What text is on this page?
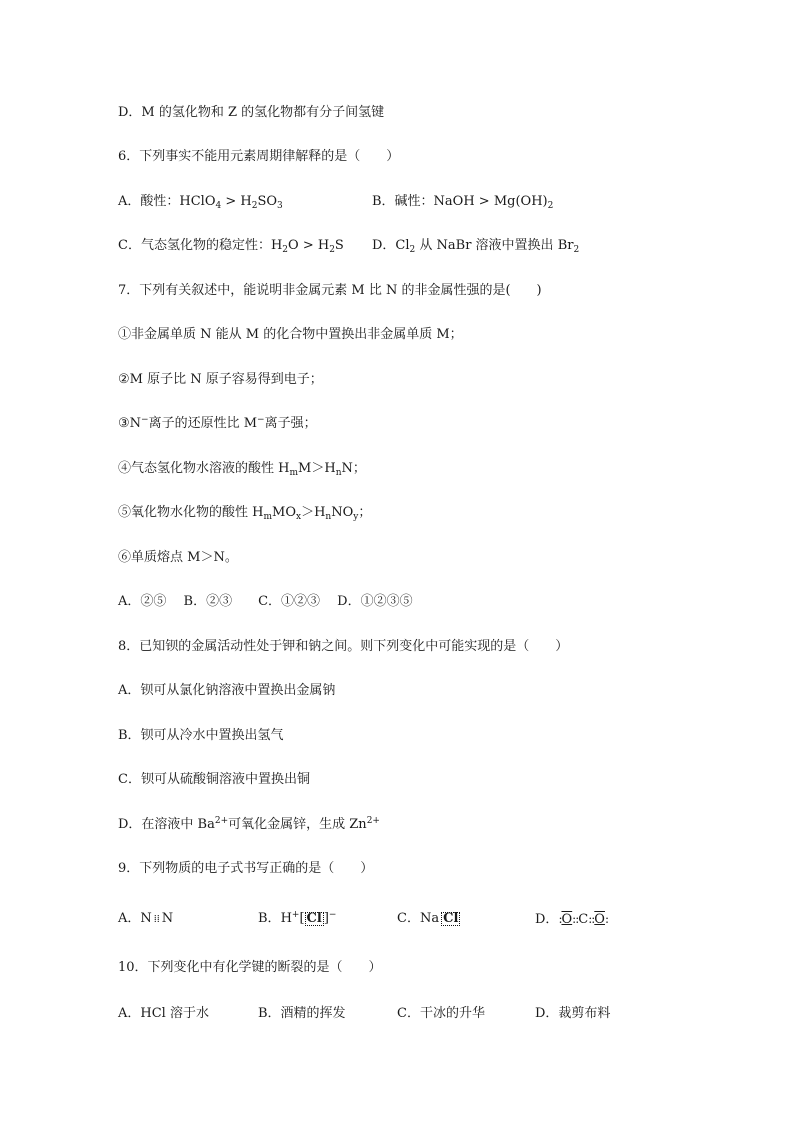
D．M 的氢化物和 Z 的氢化物都有分子间氢键
6．下列事实不能用元素周期律解释的是（　　）
A．酸性：HClO$_4$ > $H_2SO_3$	B．碱性：NaOH > $Mg(OH)_2$
C．气态氢化物的稳定性：$H_2O > H_2S$ D．$Cl_2$ 从 NaBr 溶液中置换出 $Br_2$
7．下列有关叙述中，能说明非金属元素 M 比 N 的非金属性强的是(　　)
①非金属单质 N 能从 M 的化合物中置换出非金属单质 M；
②M 原子比 N 原子容易得到电子；
③N−离子的还原性比 M−离子强；
④气态氢化物水溶液的酸性 $H_mM>H_nN$；
⑤氧化物水化物的酸性 $H_mMO_x>H_nNO_y$；
⑥单质熔点 M＞N。
A．②⑤　 B．②③　　C．①②③　 D．①②③⑤
8．已知钡的金属活动性处于钾和钠之间。则下列变化中可能实现的是（　　）
A．钡可从氯化钠溶液中置换出金属钠
B．钡可从冷水中置换出氢气
C．钡可从硫酸铜溶液中置换出铜
D．在溶液中 $Ba^{2+}$可氧化金属锌，生成 $Zn^{2+}$
9．下列物质的电子式书写正确的是（　　）
A．N ⁞⁞ N	B．H+[ Cl ]−	C．Na Cl	D．:O::C::O:
10．下列变化中有化学键的断裂的是（　　）
A．HCl 溶于水	B．酒精的挥发	C．干冰的升华	D．裁剪布料
